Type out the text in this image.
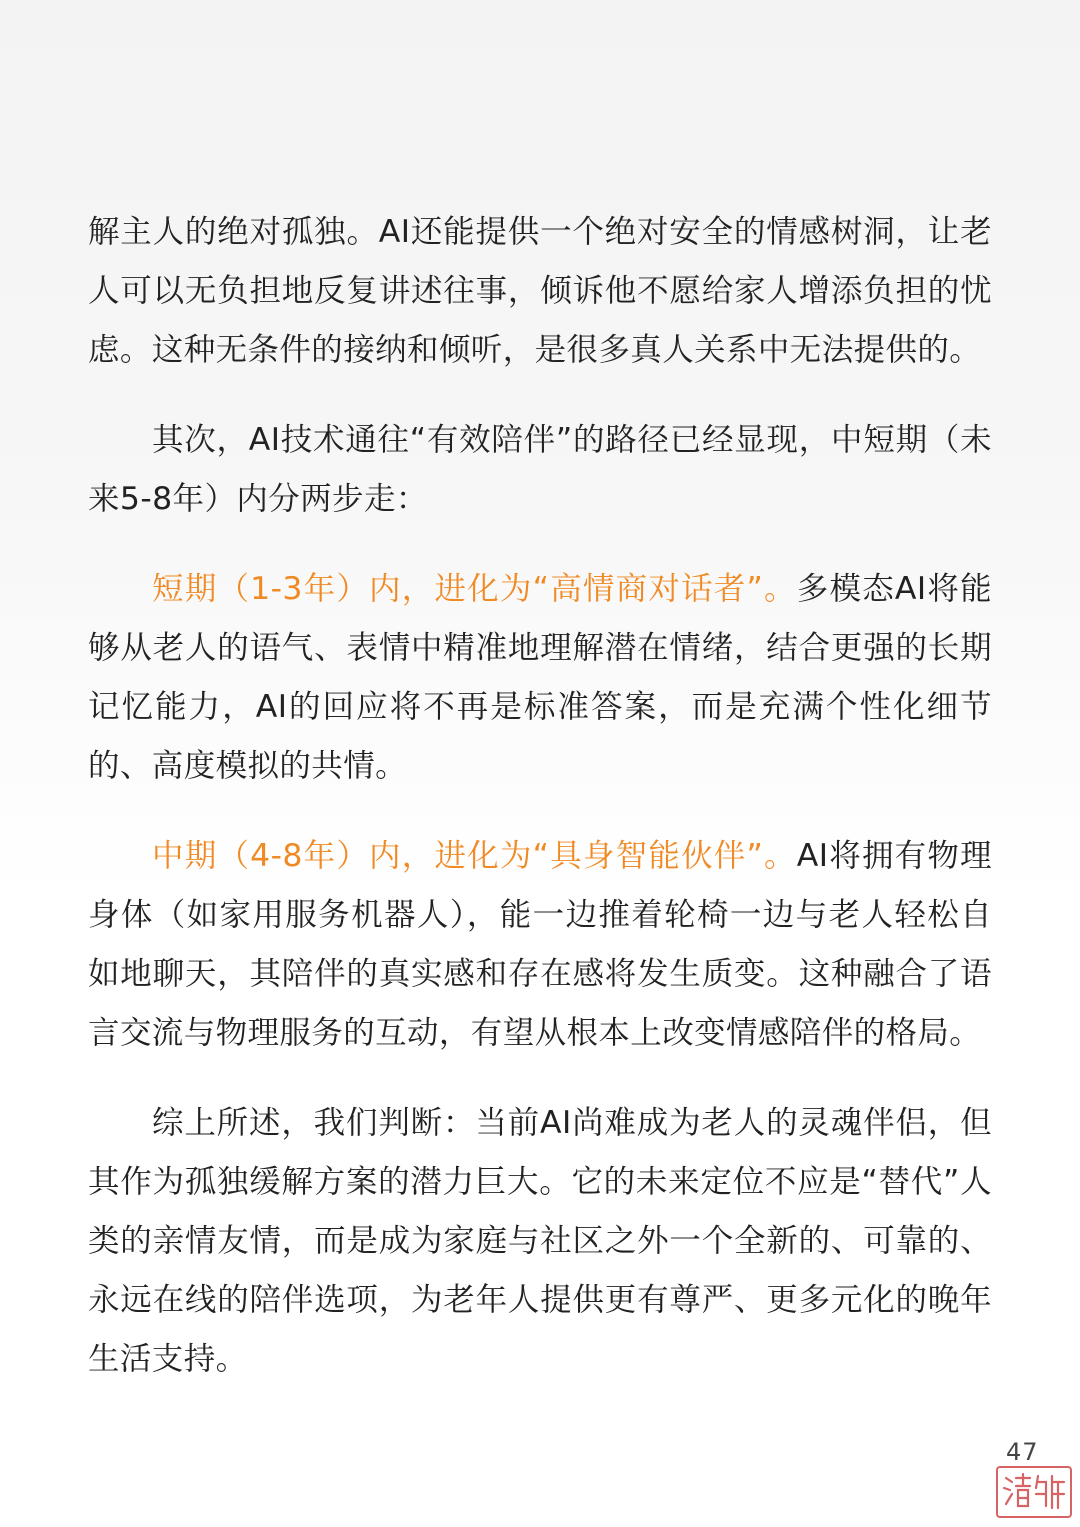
解主人的绝对孤独。AI还能提供一个绝对安全的情感树洞，让老人可以无负担地反复讲述往事，倾诉他不愿给家人增添负担的忧虑。这种无条件的接纳和倾听，是很多真人关系中无法提供的。

其次，AI技术通往“有效陪伴”的路径已经显现，中短期（未来5-8年）内分两步走：

短期（1-3年）内，进化为“高情商对话者”。多模态AI将能够从老人的语气、表情中精准地理解潜在情绪，结合更强的长期记忆能力，AI的回应将不再是标准答案，而是充满个性化细节的、高度模拟的共情。

中期（4-8年）内，进化为“具身智能伙伴”。AI将拥有物理身体（如家用服务机器人），能一边推着轮椅一边与老人轻松自如地聊天，其陪伴的真实感和存在感将发生质变。这种融合了语言交流与物理服务的互动，有望从根本上改变情感陪伴的格局。

综上所述，我们判断：当前AI尚难成为老人的灵魂伴侣，但其作为孤独缓解方案的潜力巨大。它的未来定位不应是“替代”人类的亲情友情，而是成为家庭与社区之外一个全新的、可靠的、永远在线的陪伴选项，为老年人提供更有尊严、更多元化的晚年生活支持。

47
